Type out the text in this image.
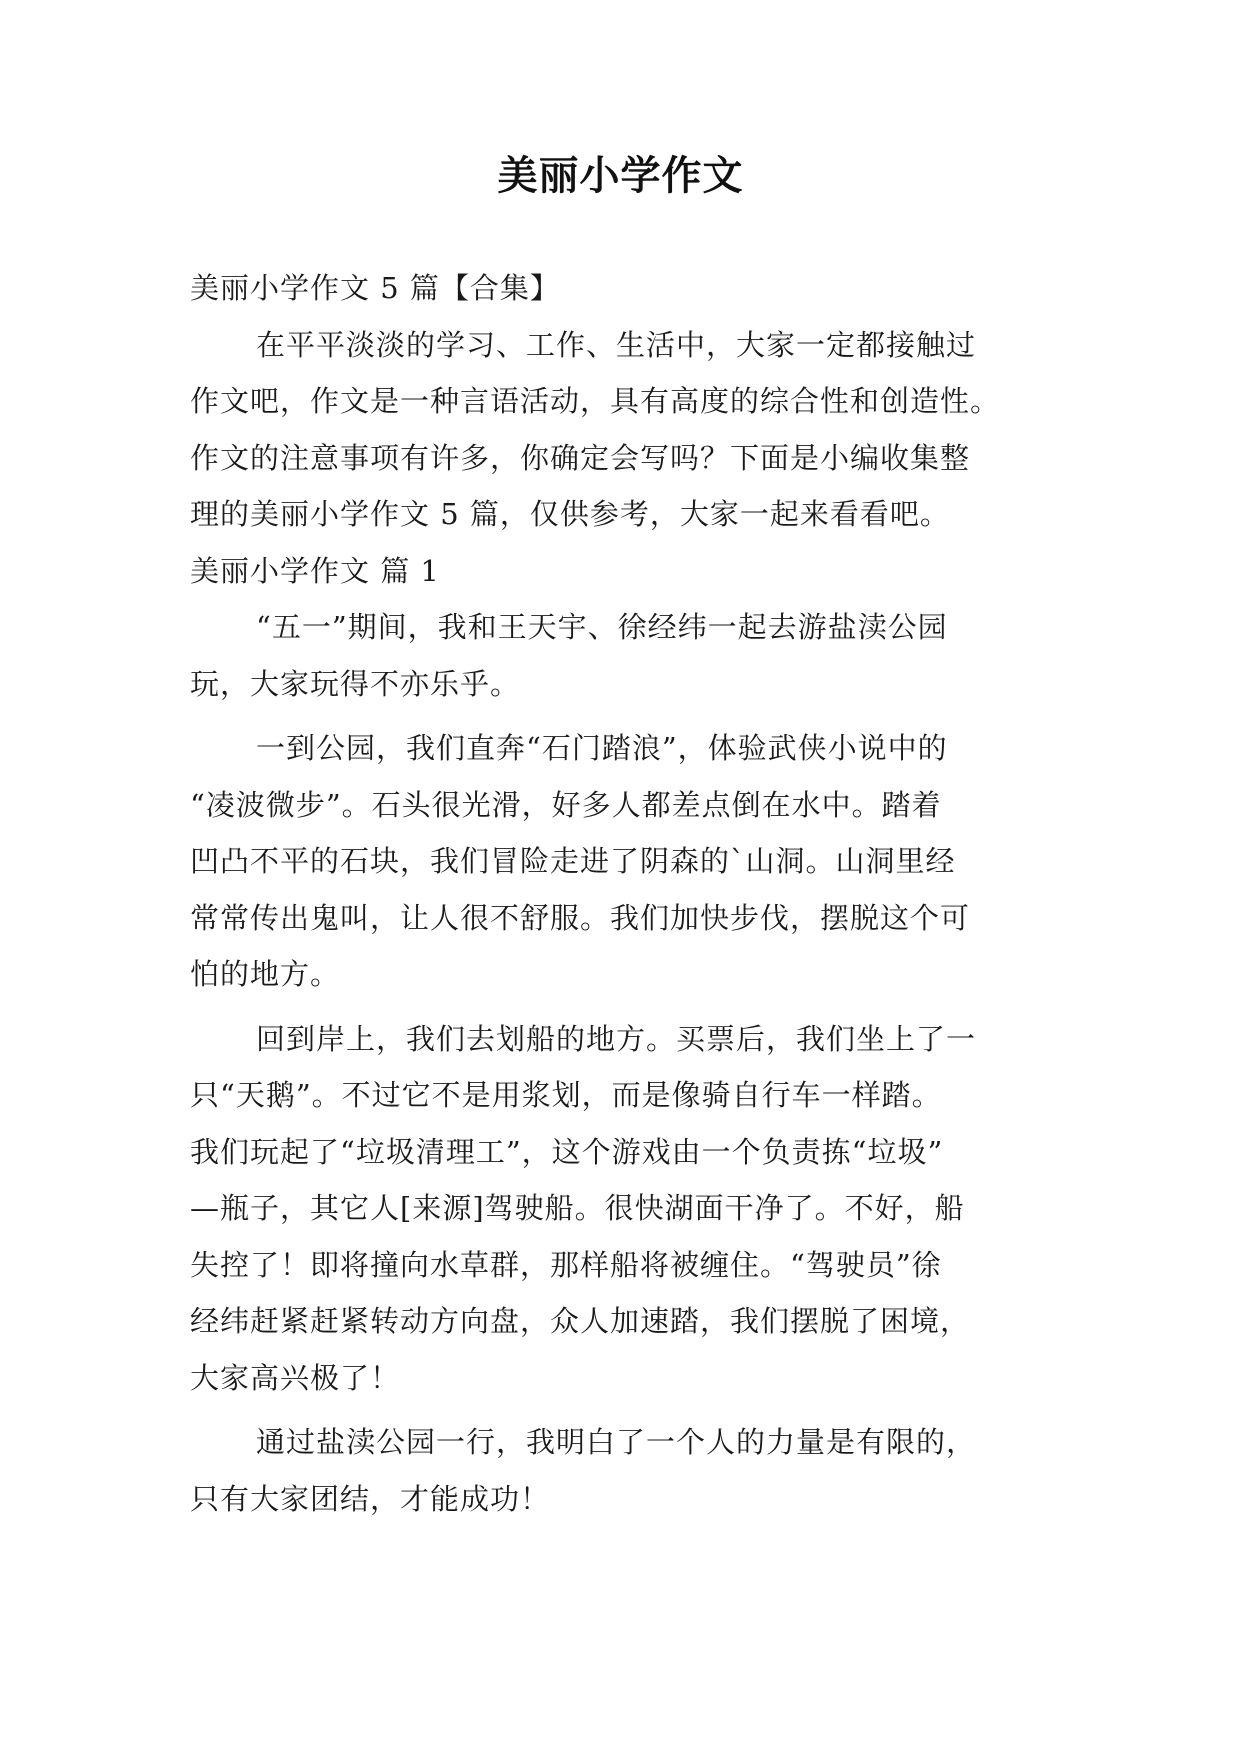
美丽小学作文
美丽小学作文 5 篇【合集】
在平平淡淡的学习、工作、生活中，大家一定都接触过
作文吧，作文是一种言语活动，具有高度的综合性和创造性。
作文的注意事项有许多，你确定会写吗？下面是小编收集整
理的美丽小学作文 5 篇，仅供参考，大家一起来看看吧。
美丽小学作文 篇 1
“五一”期间，我和王天宇、徐经纬一起去游盐渎公园
玩，大家玩得不亦乐乎。
一到公园，我们直奔“石门踏浪”，体验武侠小说中的
“凌波微步”。石头很光滑，好多人都差点倒在水中。踏着
凹凸不平的石块，我们冒险走进了阴森的`山洞。山洞里经
常常传出鬼叫，让人很不舒服。我们加快步伐，摆脱这个可
怕的地方。
回到岸上，我们去划船的地方。买票后，我们坐上了一
只“天鹅”。不过它不是用浆划，而是像骑自行车一样踏。
我们玩起了“垃圾清理工”，这个游戏由一个负责拣“垃圾”
—瓶子，其它人[来源]驾驶船。很快湖面干净了。不好，船
失控了！即将撞向水草群，那样船将被缠住。“驾驶员”徐
经纬赶紧赶紧转动方向盘，众人加速踏，我们摆脱了困境，
大家高兴极了！
通过盐渎公园一行，我明白了一个人的力量是有限的，
只有大家团结，才能成功！
